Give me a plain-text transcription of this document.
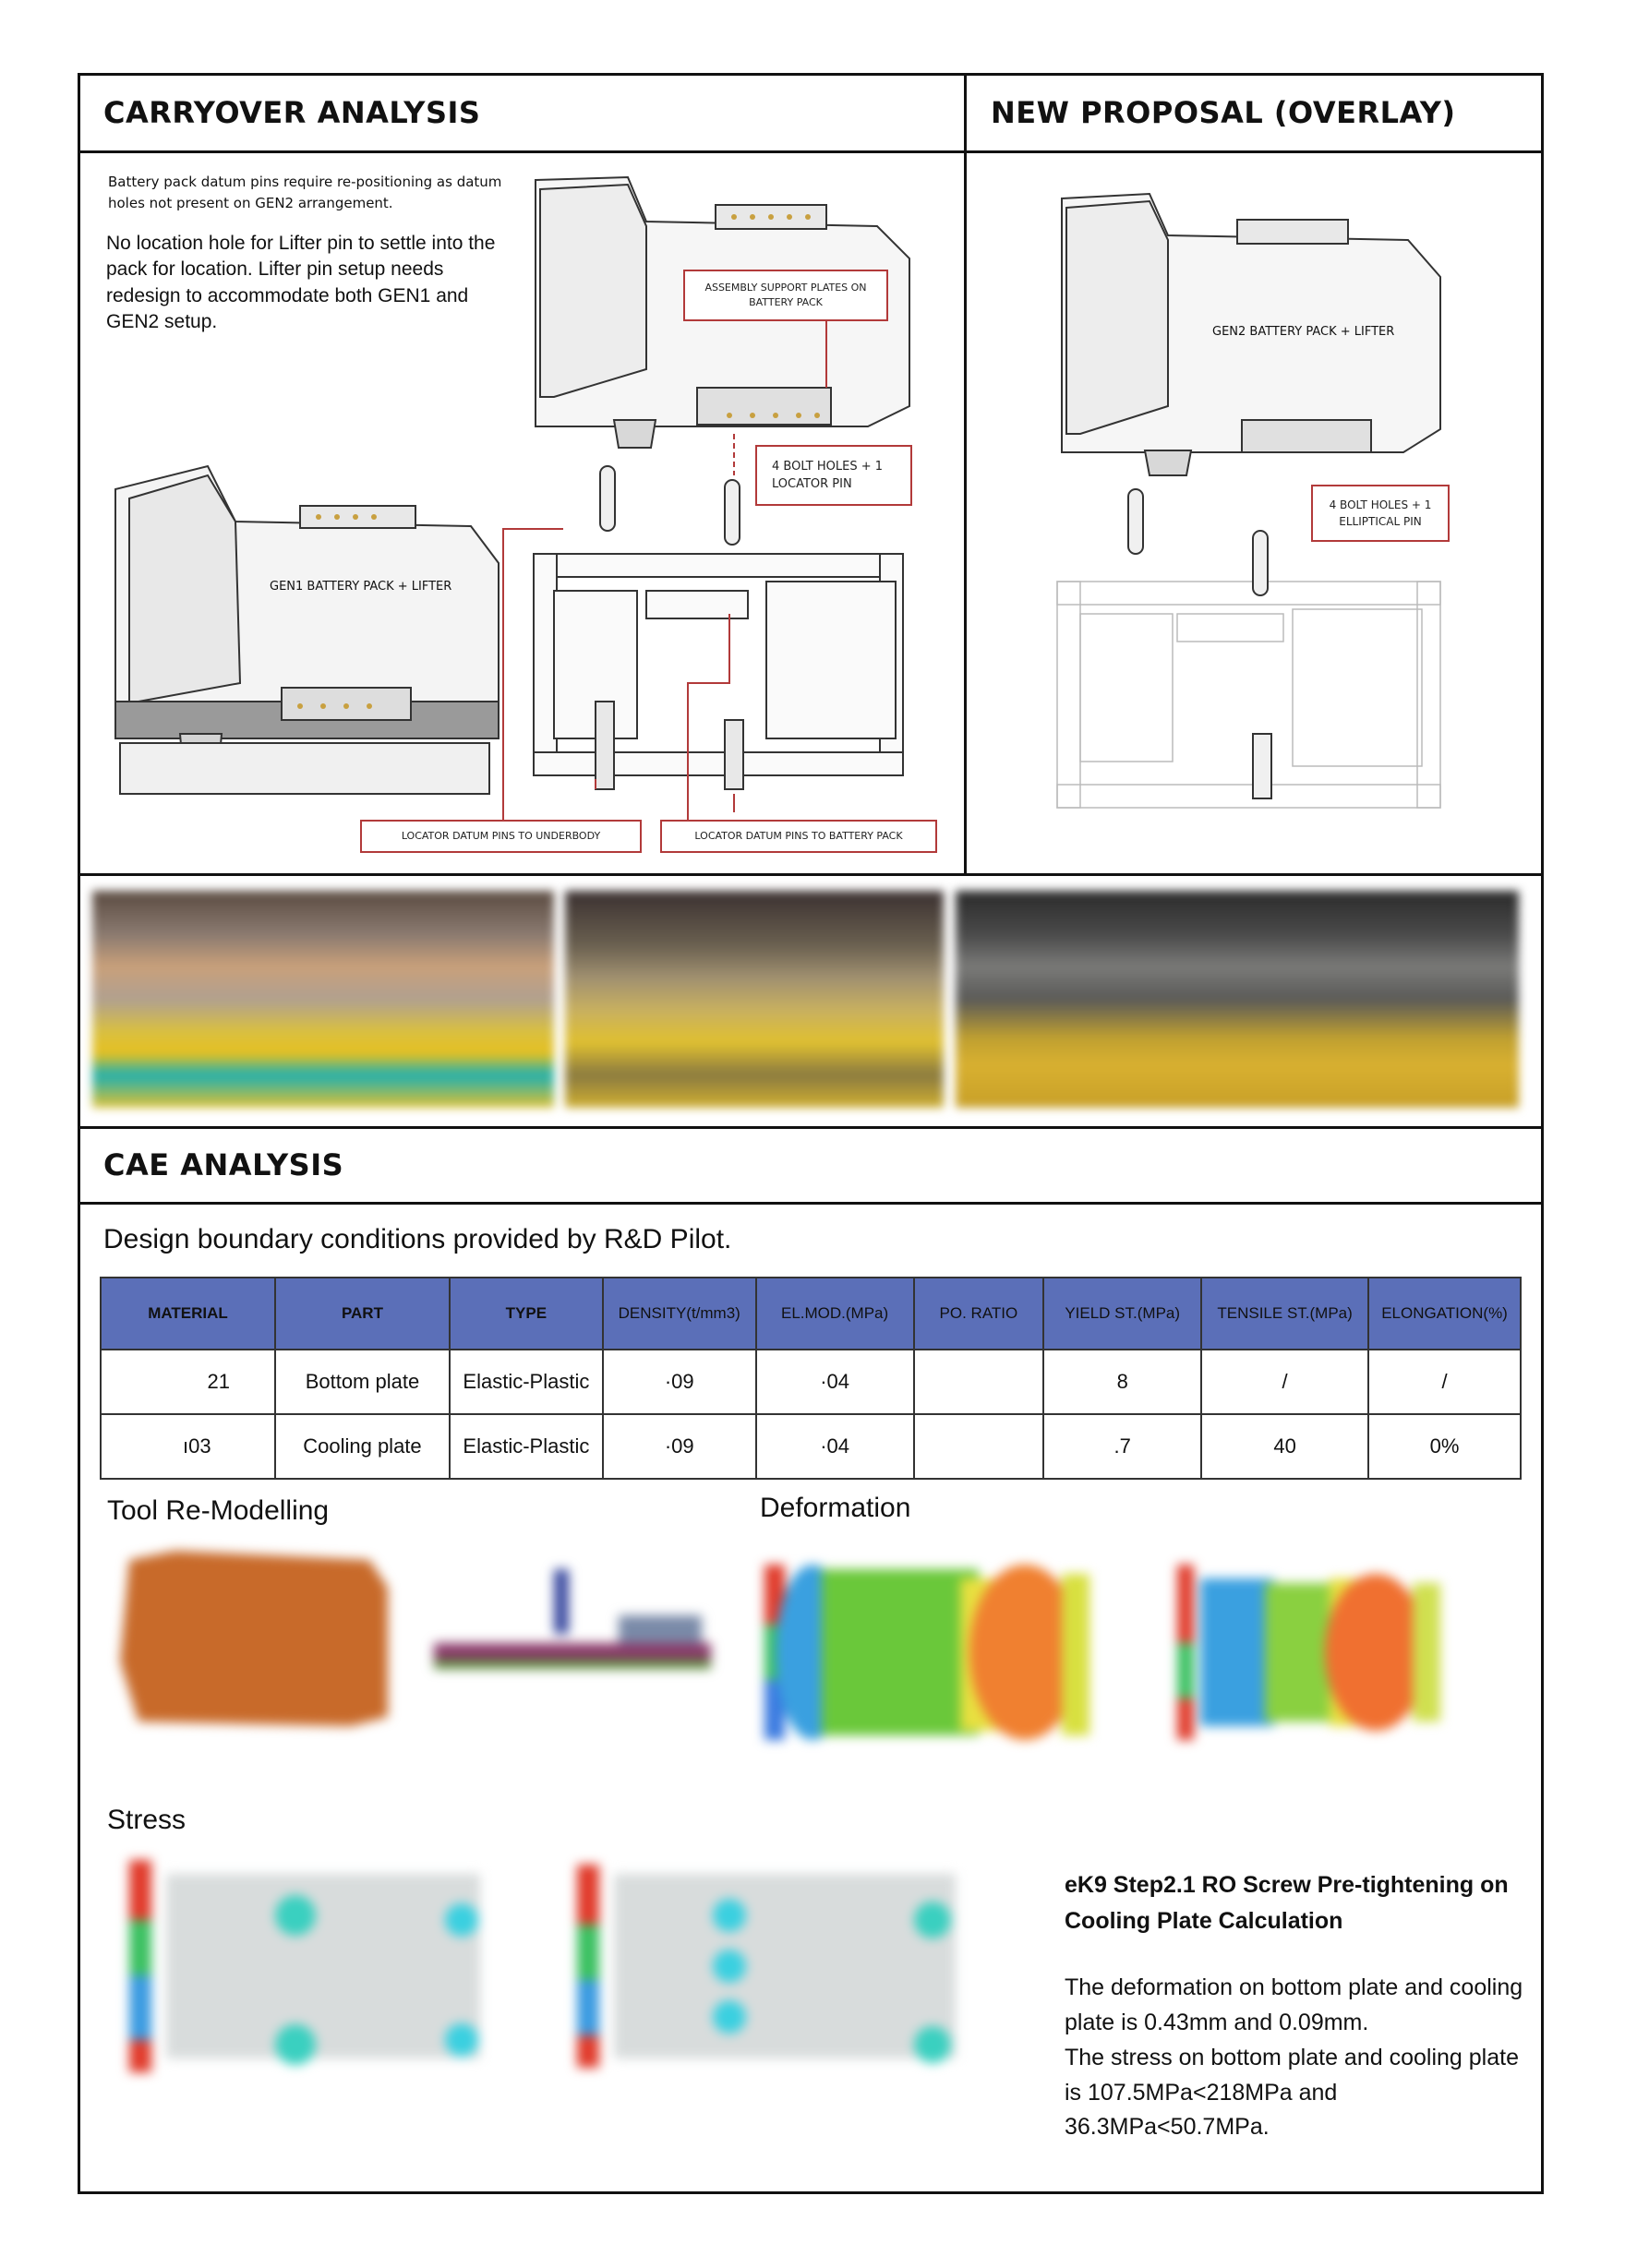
CARRYOVER ANALYSIS	NEW PROPOSAL (OVERLAY)
CAE ANALYSIS
Battery pack datum pins require re-positioning as datum holes not present on GEN2 arrangement.
No location hole for Lifter pin to settle into the pack for location. Lifter pin setup needs redesign to accommodate both GEN1 and GEN2 setup.
ASSEMBLY SUPPORT PLATES ON BATTERY PACK
4 BOLT HOLES + 1 LOCATOR PIN
GEN1 BATTERY PACK + LIFTER
LOCATOR DATUM PINS TO UNDERBODY	LOCATOR DATUM PINS TO BATTERY PACK
GEN2 BATTERY PACK + LIFTER
4 BOLT HOLES + 1 ELLIPTICAL PIN
Design boundary conditions provided by R&D Pilot.
MATERIAL	PART	TYPE	DENSITY(t/mm3)	EL.MOD.(MPa)	PO. RATIO	YIELD ST.(MPa)	TENSILE ST.(MPa)	ELONGATION(%)
21	Bottom plate	Elastic-Plastic	·09	·04		8	/	/
ı03	Cooling plate	Elastic-Plastic	·09	·04		.7	40	0%
Tool Re-Modelling	Deformation
Stress
eK9 Step2.1 RO Screw Pre-tightening on Cooling Plate Calculation
The deformation on bottom plate and cooling plate is 0.43mm and 0.09mm.
The stress on bottom plate and cooling plate is 107.5MPa<218MPa and 36.3MPa<50.7MPa.
